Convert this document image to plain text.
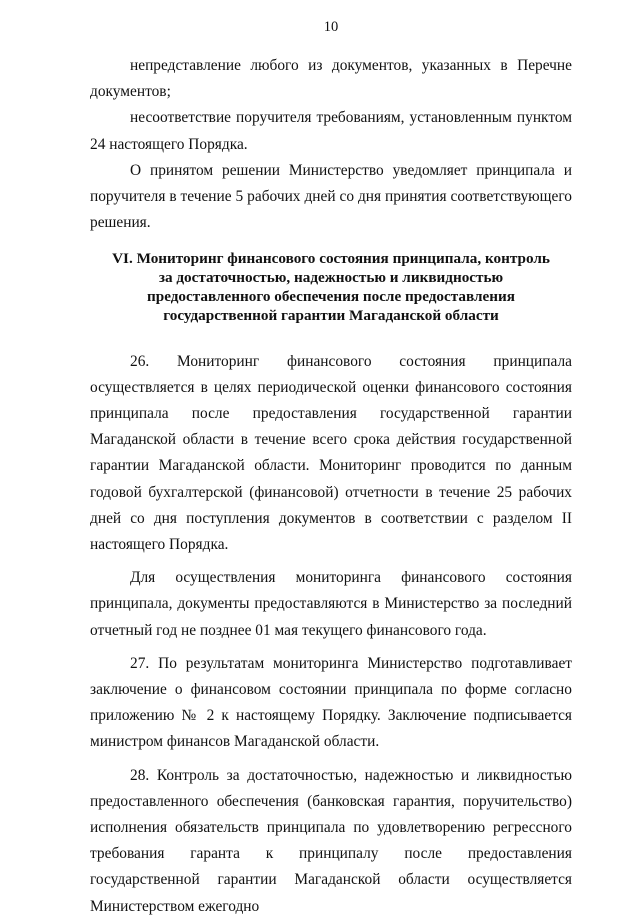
10

непредставление любого из документов, указанных в Перечне документов;

несоответствие поручителя требованиям, установленным пунктом 24 настоящего Порядка.

О принятом решении Министерство уведомляет принципала и поручителя в течение 5 рабочих дней со дня принятия соответствующего решения.

VI. Мониторинг финансового состояния принципала, контроль
за достаточностью, надежностью и ликвидностью
предоставленного обеспечения после предоставления
государственной гарантии Магаданской области

26. Мониторинг финансового состояния принципала осуществляется в целях периодической оценки финансового состояния принципала после предоставления государственной гарантии Магаданской области в течение всего срока действия государственной гарантии Магаданской области. Мониторинг проводится по данным годовой бухгалтерской (финансовой) отчетности в течение 25 рабочих дней со дня поступления документов в соответствии с разделом II настоящего Порядка.

Для осуществления мониторинга финансового состояния принципала, документы предоставляются в Министерство за последний отчетный год не позднее 01 мая текущего финансового года.

27. По результатам мониторинга Министерство подготавливает заключение о финансовом состоянии принципала по форме согласно приложению № 2 к настоящему Порядку. Заключение подписывается министром финансов Магаданской области.

28. Контроль за достаточностью, надежностью и ликвидностью предоставленного обеспечения (банковская гарантия, поручительство) исполнения обязательств принципала по удовлетворению регрессного требования гаранта к принципалу после предоставления государственной гарантии Магаданской области осуществляется Министерством ежегодно
